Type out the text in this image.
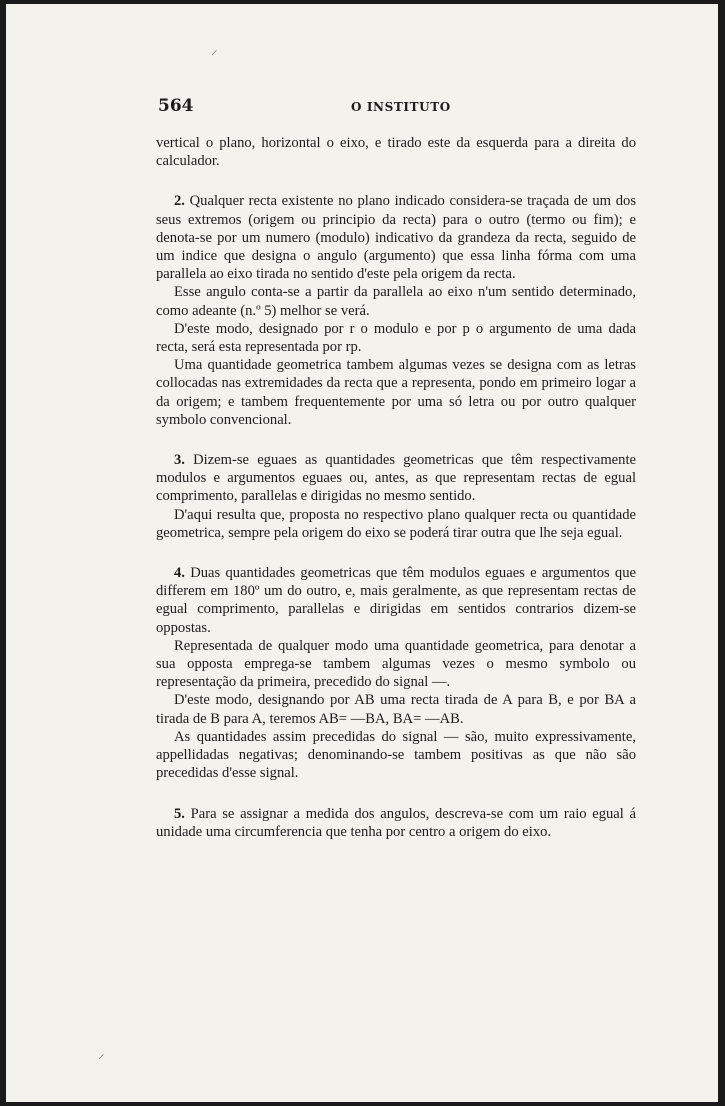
⸝
⸝
564	O INSTITUTO

vertical o plano, horizontal o eixo, e tirado este da esquerda para a direita do calculador.

2. Qualquer recta existente no plano indicado considera-se traçada de um dos seus extremos (origem ou principio da recta) para o outro (termo ou fim); e denota-se por um numero (modulo) indicativo da grandeza da recta, seguido de um indice que designa o angulo (argumento) que essa linha fórma com uma parallela ao eixo tirada no sentido d'este pela origem da recta.

Esse angulo conta-se a partir da parallela ao eixo n'um sentido determinado, como adeante (n.º 5) melhor se verá.

D'este modo, designado por r o modulo e por p o argumento de uma dada recta, será esta representada por rp.

Uma quantidade geometrica tambem algumas vezes se designa com as letras collocadas nas extremidades da recta que a representa, pondo em primeiro logar a da origem; e tambem frequentemente por uma só letra ou por outro qualquer symbolo convencional.

3. Dizem-se eguaes as quantidades geometricas que têm respectivamente modulos e argumentos eguaes ou, antes, as que representam rectas de egual comprimento, parallelas e dirigidas no mesmo sentido.

D'aqui resulta que, proposta no respectivo plano qualquer recta ou quantidade geometrica, sempre pela origem do eixo se poderá tirar outra que lhe seja egual.

4. Duas quantidades geometricas que têm modulos eguaes e argumentos que differem em 180º um do outro, e, mais geralmente, as que representam rectas de egual comprimento, parallelas e dirigidas em sentidos contrarios dizem-se oppostas.

Representada de qualquer modo uma quantidade geometrica, para denotar a sua opposta emprega-se tambem algumas vezes o mesmo symbolo ou representação da primeira, precedido do signal —.

D'este modo, designando por AB uma recta tirada de A para B, e por BA a tirada de B para A, teremos AB= —BA, BA= —AB.

As quantidades assim precedidas do signal — são, muito expressivamente, appellidadas negativas; denominando-se tambem positivas as que não são precedidas d'esse signal.

5. Para se assignar a medida dos angulos, descreva-se com um raio egual á unidade uma circumferencia que tenha por centro a origem do eixo.
